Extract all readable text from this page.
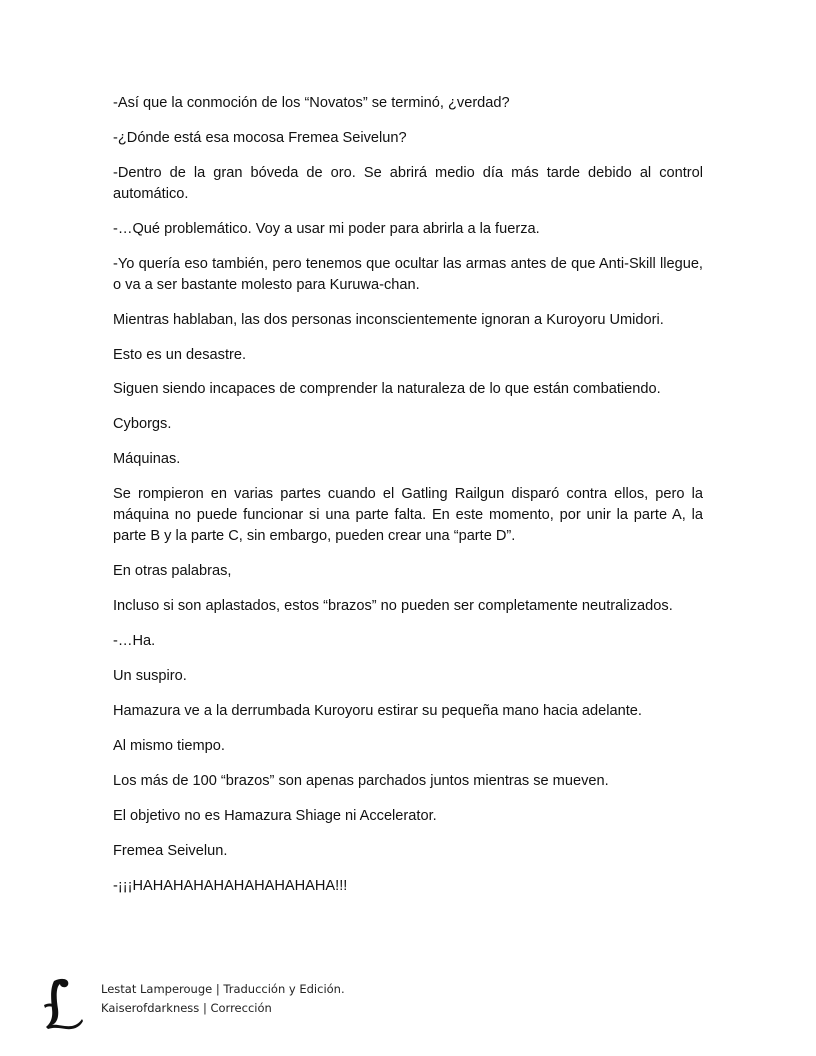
-Así que la conmoción de los “Novatos” se terminó, ¿verdad?

-¿Dónde está esa mocosa Fremea Seivelun?

-Dentro de la gran bóveda de oro. Se abrirá medio día más tarde debido al control automático.

-…Qué problemático. Voy a usar mi poder para abrirla a la fuerza.

-Yo quería eso también, pero tenemos que ocultar las armas antes de que Anti-Skill llegue, o va a ser bastante molesto para Kuruwa-chan.

Mientras hablaban, las dos personas inconscientemente ignoran a Kuroyoru Umidori.

Esto es un desastre.

Siguen siendo incapaces de comprender la naturaleza de lo que están combatiendo.

Cyborgs.

Máquinas.

Se rompieron en varias partes cuando el Gatling Railgun disparó contra ellos, pero la máquina no puede funcionar si una parte falta. En este momento, por unir la parte A, la parte B y la parte C, sin embargo, pueden crear una “parte D”.

En otras palabras,

Incluso si son aplastados, estos “brazos” no pueden ser completamente neutralizados.

-…Ha.

Un suspiro.

Hamazura ve a la derrumbada Kuroyoru estirar su pequeña mano hacia adelante.

Al mismo tiempo.

Los más de 100 “brazos” son apenas parchados juntos mientras se mueven.

El objetivo no es Hamazura Shiage ni Accelerator.

Fremea Seivelun.

-¡¡¡HAHAHAHAHAHAHAHAHAHA!!!

Lestat Lamperouge | Traducción y Edición.
Kaiserofdarkness | Corrección
